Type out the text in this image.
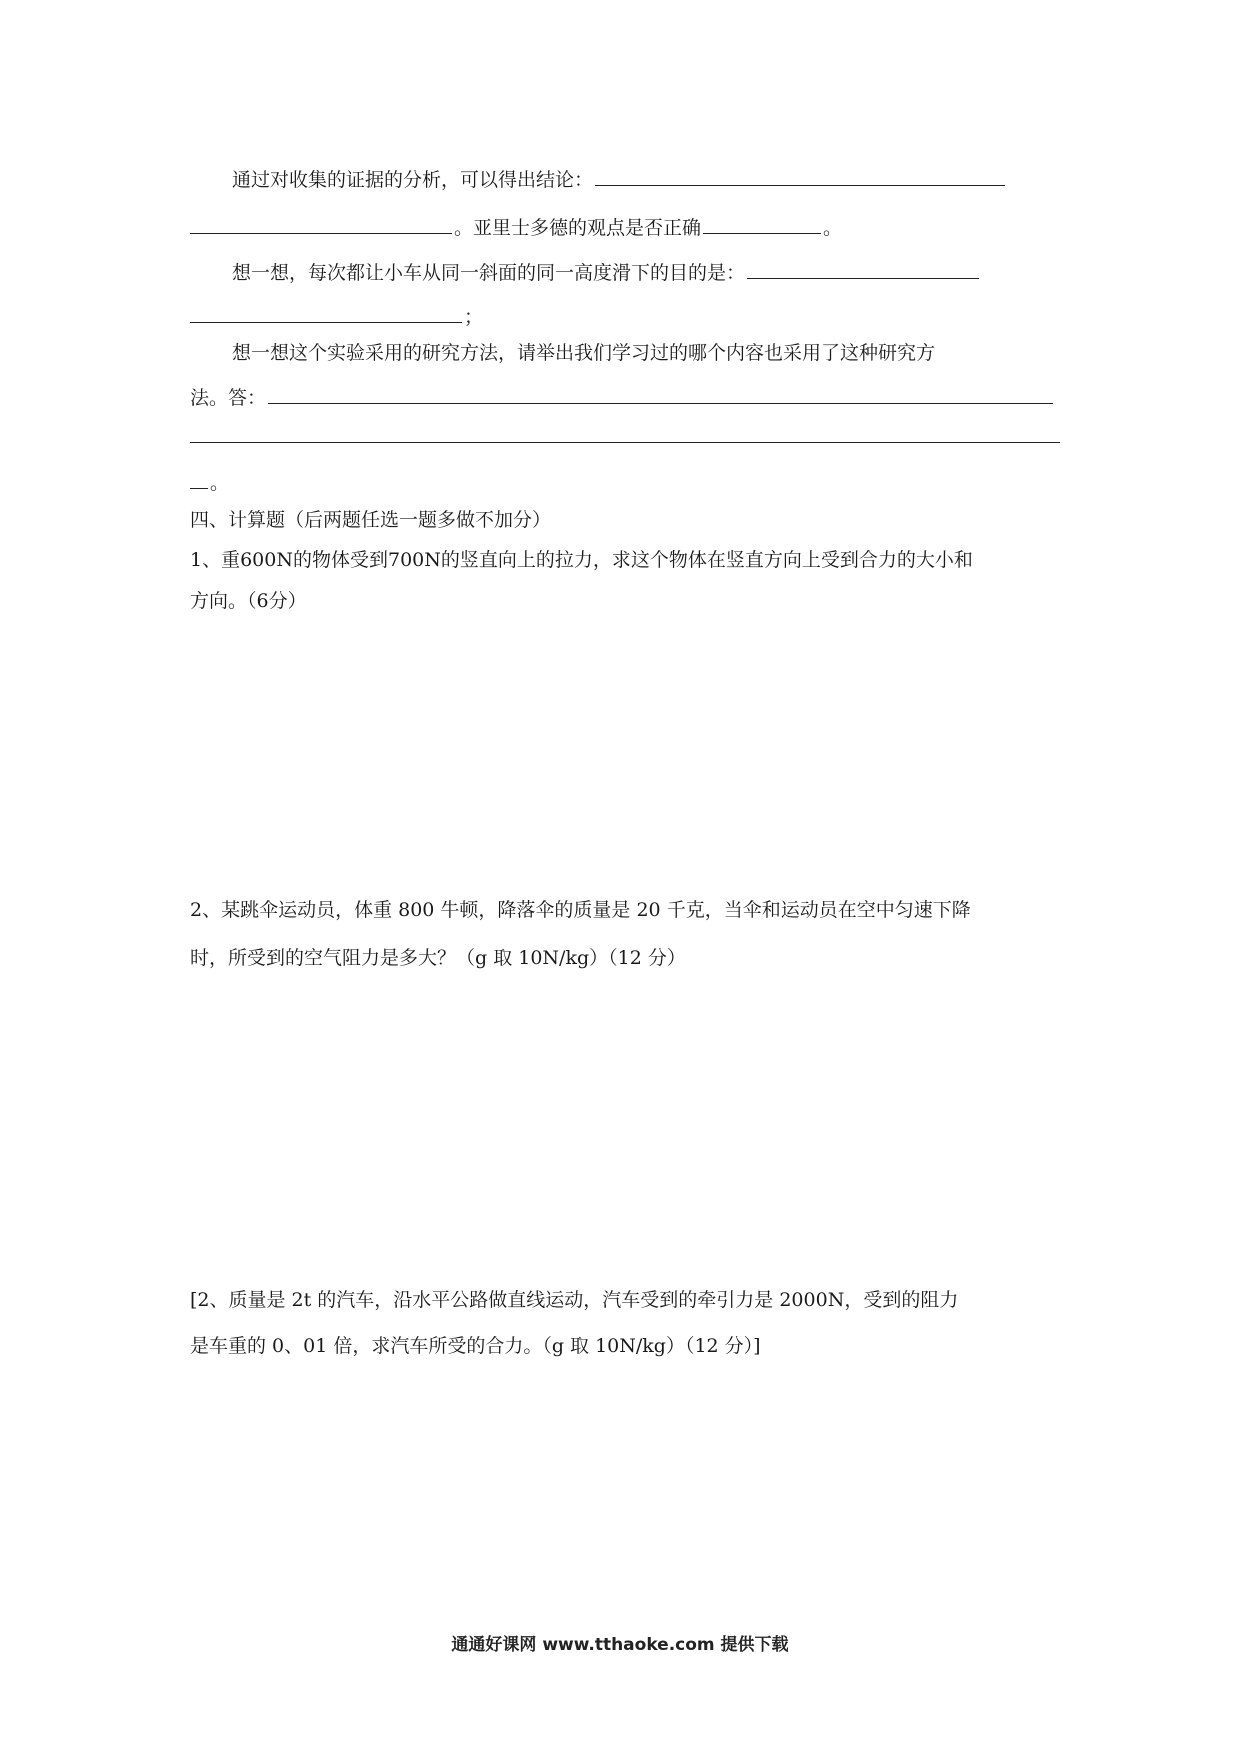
通过对收集的证据的分析，可以得出结论：
。亚里士多德的观点是否正确	。
想一想，每次都让小车从同一斜面的同一高度滑下的目的是：
；
想一想这个实验采用的研究方法，请举出我们学习过的哪个内容也采用了这种研究方
法。答：
。
四、计算题（后两题任选一题多做不加分）
1、重600N的物体受到700N的竖直向上的拉力，求这个物体在竖直方向上受到合力的大小和
方向。（6分）
2、某跳伞运动员，体重 800 牛顿，降落伞的质量是 20 千克，当伞和运动员在空中匀速下降
时，所受到的空气阻力是多大？（g 取 10N/kg）（12 分）
[2、质量是 2t 的汽车，沿水平公路做直线运动，汽车受到的牵引力是 2000N，受到的阻力
是车重的 0、01 倍，求汽车所受的合力。（g 取 10N/kg）（12 分）]
通通好课网 www.tthaoke.com 提供下载
